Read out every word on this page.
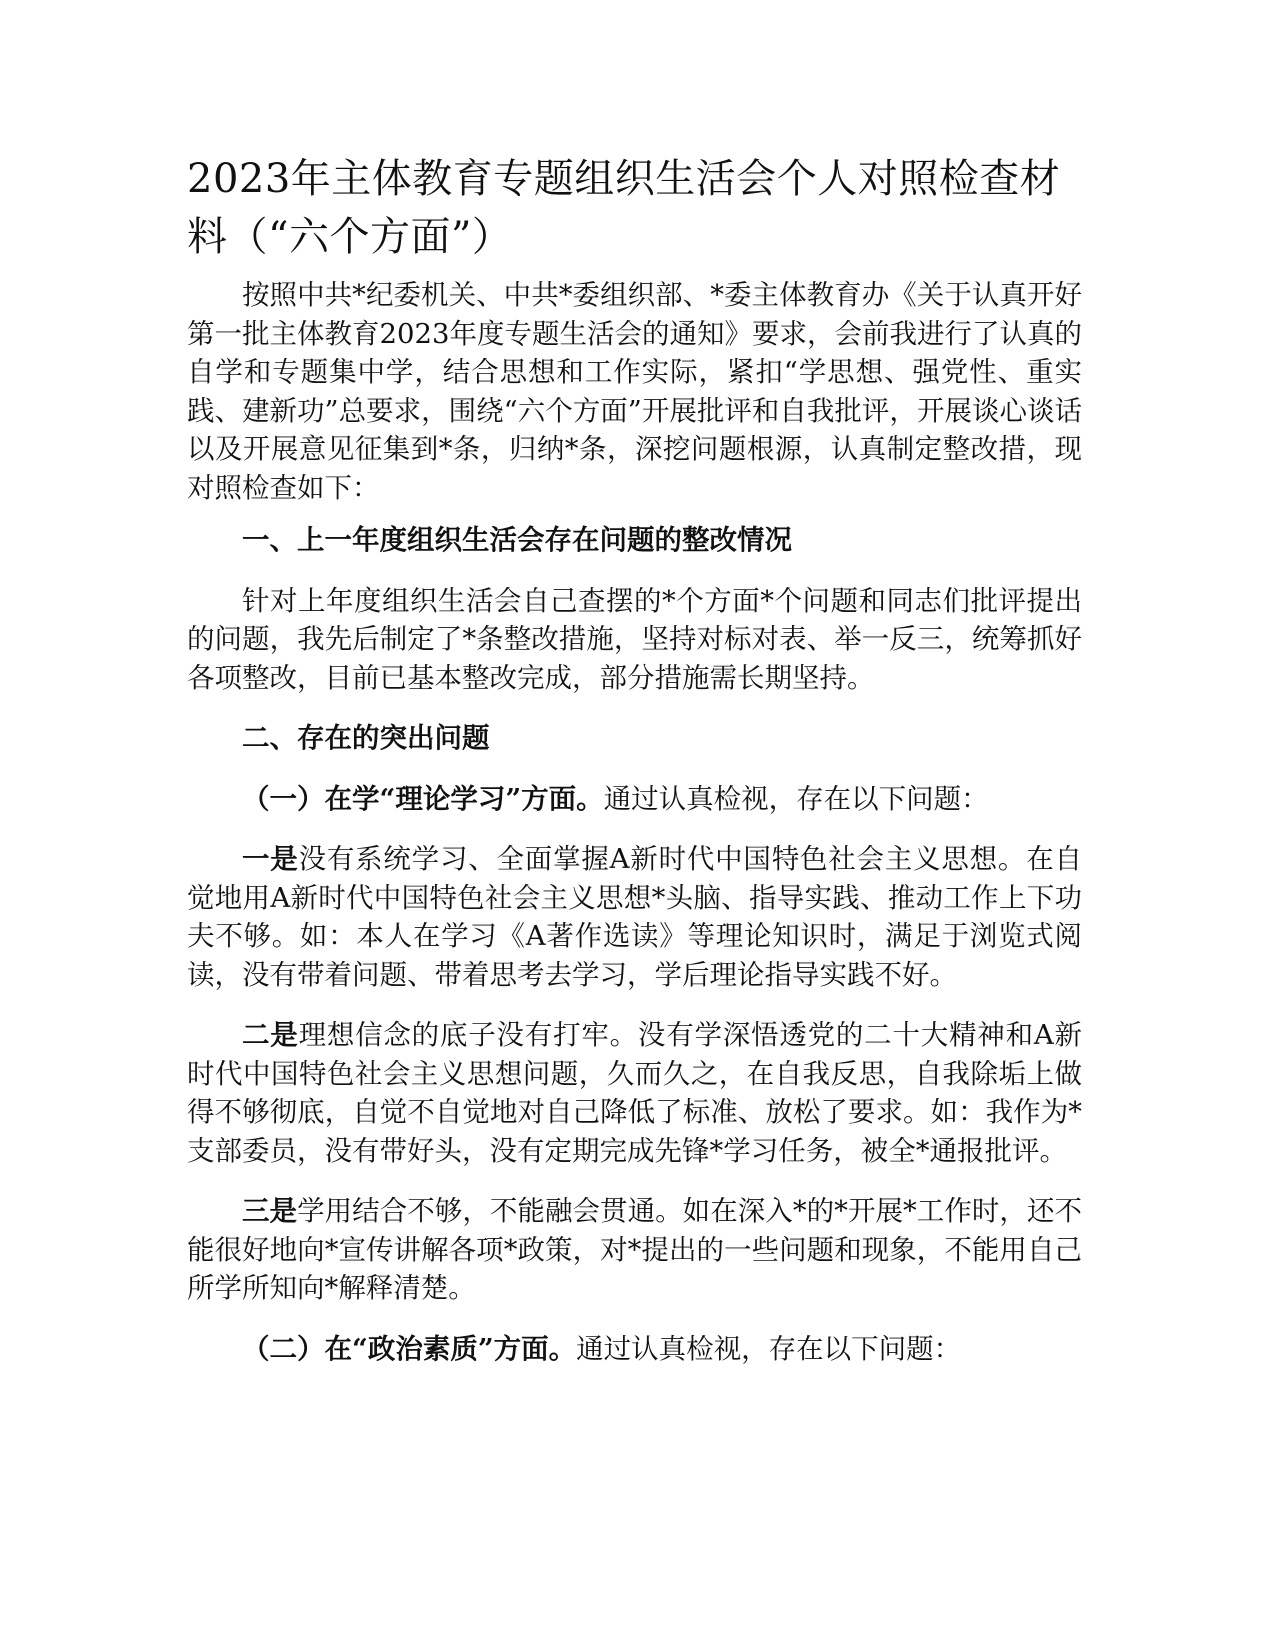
2023年主体教育专题组织生活会个人对照检查材料（“六个方面”）

按照中共*纪委机关、中共*委组织部、*委主体教育办《关于认真开好第一批主体教育2023年度专题生活会的通知》要求，会前我进行了认真的自学和专题集中学，结合思想和工作实际，紧扣“学思想、强党性、重实践、建新功”总要求，围绕“六个方面”开展批评和自我批评，开展谈心谈话以及开展意见征集到*条，归纳*条，深挖问题根源，认真制定整改措，现对照检查如下：

一、上一年度组织生活会存在问题的整改情况

针对上年度组织生活会自己查摆的*个方面*个问题和同志们批评提出的问题，我先后制定了*条整改措施，坚持对标对表、举一反三，统筹抓好各项整改，目前已基本整改完成，部分措施需长期坚持。

二、存在的突出问题

（一）在学“理论学习”方面。通过认真检视，存在以下问题：

一是没有系统学习、全面掌握A新时代中国特色社会主义思想。在自觉地用A新时代中国特色社会主义思想*头脑、指导实践、推动工作上下功夫不够。如：本人在学习《A著作选读》等理论知识时，满足于浏览式阅读，没有带着问题、带着思考去学习，学后理论指导实践不好。

二是理想信念的底子没有打牢。没有学深悟透党的二十大精神和A新时代中国特色社会主义思想问题，久而久之，在自我反思，自我除垢上做得不够彻底，自觉不自觉地对自己降低了标准、放松了要求。如：我作为*支部委员，没有带好头，没有定期完成先锋*学习任务，被全*通报批评。

三是学用结合不够，不能融会贯通。如在深入*的*开展*工作时，还不能很好地向*宣传讲解各项*政策，对*提出的一些问题和现象，不能用自己所学所知向*解释清楚。

（二）在“政治素质”方面。通过认真检视，存在以下问题：
